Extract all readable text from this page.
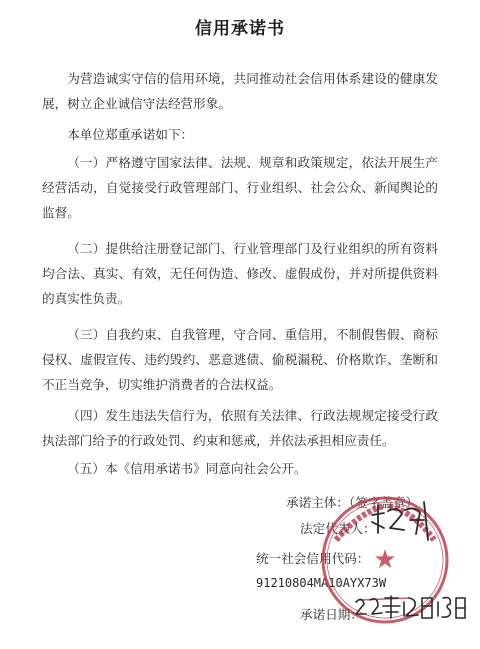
信用承诺书

为营造诚实守信的信用环境，共同推动社会信用体系建设的健康发展，树立企业诚信守法经营形象。

本单位郑重承诺如下：

（一）严格遵守国家法律、法规、规章和政策规定，依法开展生产经营活动，自觉接受行政管理部门、行业组织、社会公众、新闻舆论的监督。

（二）提供给注册登记部门、行业管理部门及行业组织的所有资料均合法、真实、有效，无任何伪造、修改、虚假成份，并对所提供资料的真实性负责。

（三）自我约束、自我管理，守合同、重信用，不制假售假、商标侵权、虚假宣传、违约毁约、恶意逃债、偷税漏税、价格欺诈、垄断和不正当竞争，切实维护消费者的合法权益。

（四）发生违法失信行为，依照有关法律、行政法规规定接受行政执法部门给予的行政处罚、约束和惩戒，并依法承担相应责任。

（五）本《信用承诺书》同意向社会公开。

承诺主体：（签字盖章）
法定代表人：
统一社会信用代码：
91210804MA10AYX73W
承诺日期：
★
